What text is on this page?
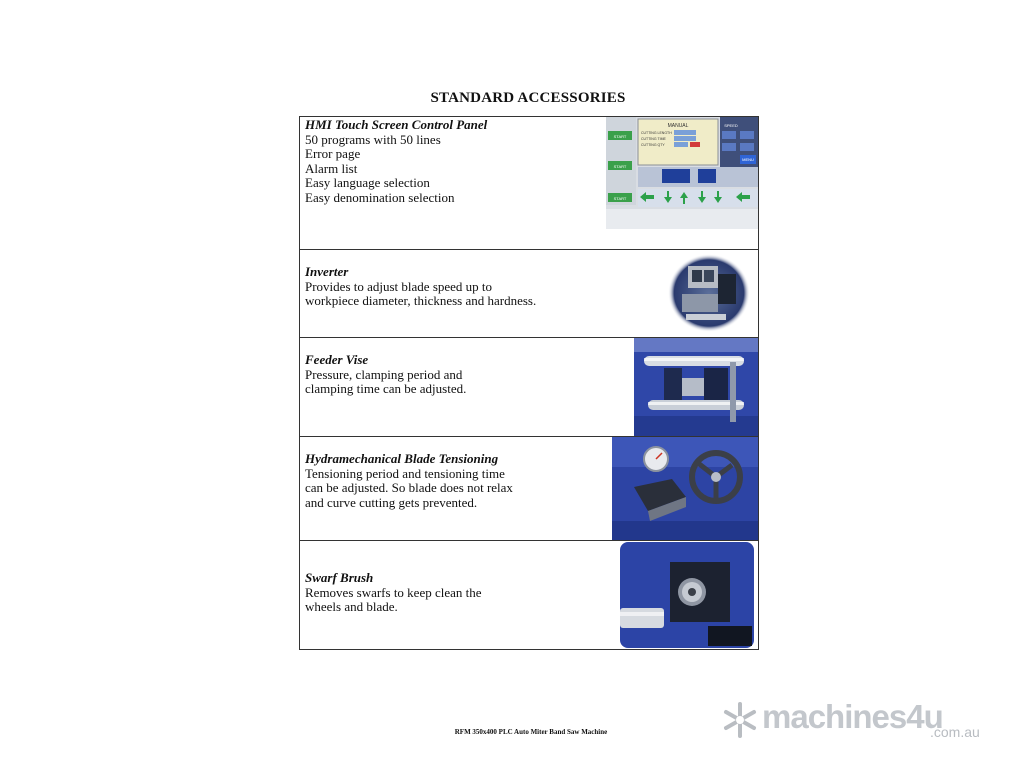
STANDARD ACCESSORIES
HMI Touch Screen Control Panel
50 programs with 50 lines
Error page
Alarm list
Easy language selection
Easy denomination selection
START
START
START
MANUAL
CUTTING LENGTH
CUTTING TIME
CUTTING QTY
SPEED
MENU
Inverter
Provides to adjust blade speed up to
workpiece diameter, thickness and hardness.
Feeder Vise
Pressure, clamping period and
clamping time can be adjusted.
Hydramechanical Blade Tensioning
Tensioning period and tensioning time
can be adjusted. So blade does not relax
and curve cutting gets prevented.
Swarf Brush
Removes swarfs to keep clean the
wheels and blade.
RFM 350x400 PLC Auto Miter Band Saw Machine	machines4u
.com.au
